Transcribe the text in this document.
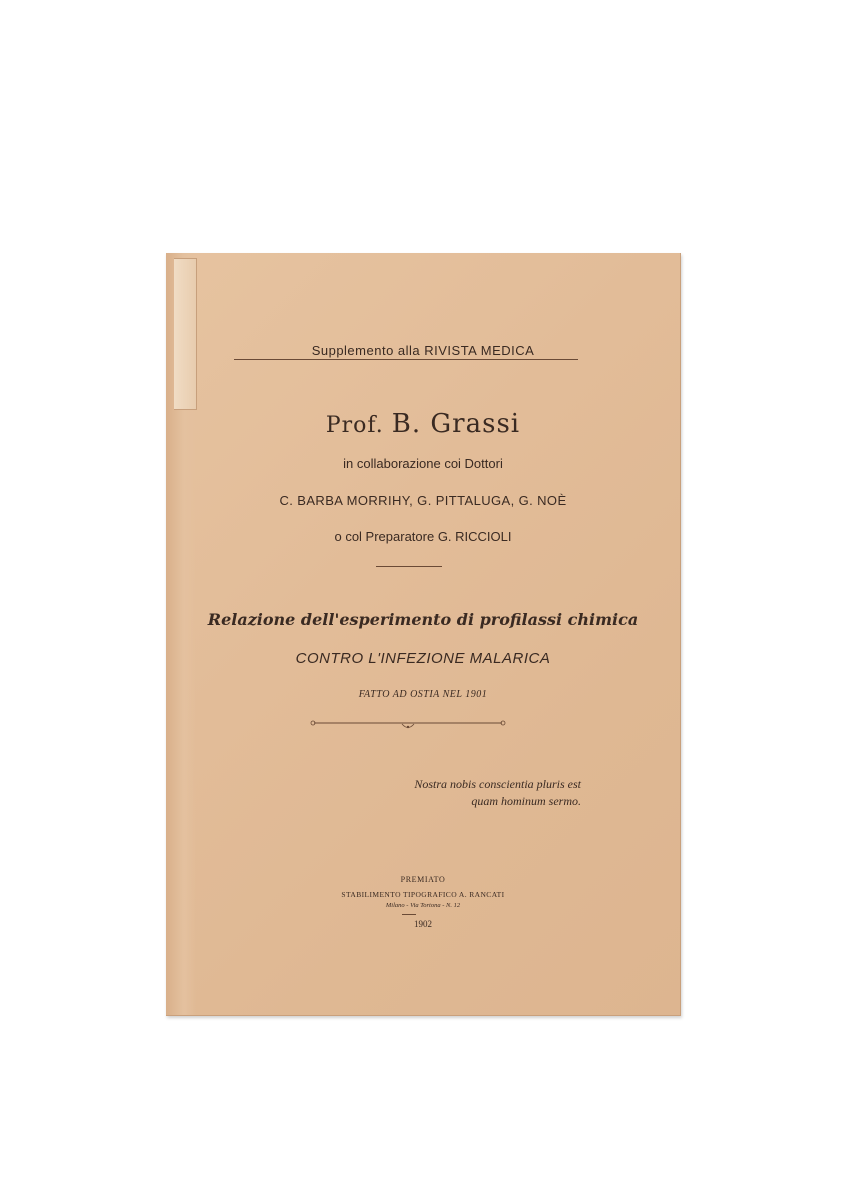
Supplemento alla RIVISTA MEDICA
Prof. B. Grassi
in collaborazione coi Dottori
C. BARBA MORRIHY, G. PITTALUGA, G. NOÈ
o col Preparatore G. RICCIOLI
Relazione dell'esperimento di profilassi chimica
CONTRO L'INFEZIONE MALARICA
FATTO AD OSTIA NEL 1901
Nostra nobis conscientia pluris est
quam hominum sermo.
PREMIATO
STABILIMENTO TIPOGRAFICO A. RANCATI
Milano - Via Tortona - N. 12
1902
